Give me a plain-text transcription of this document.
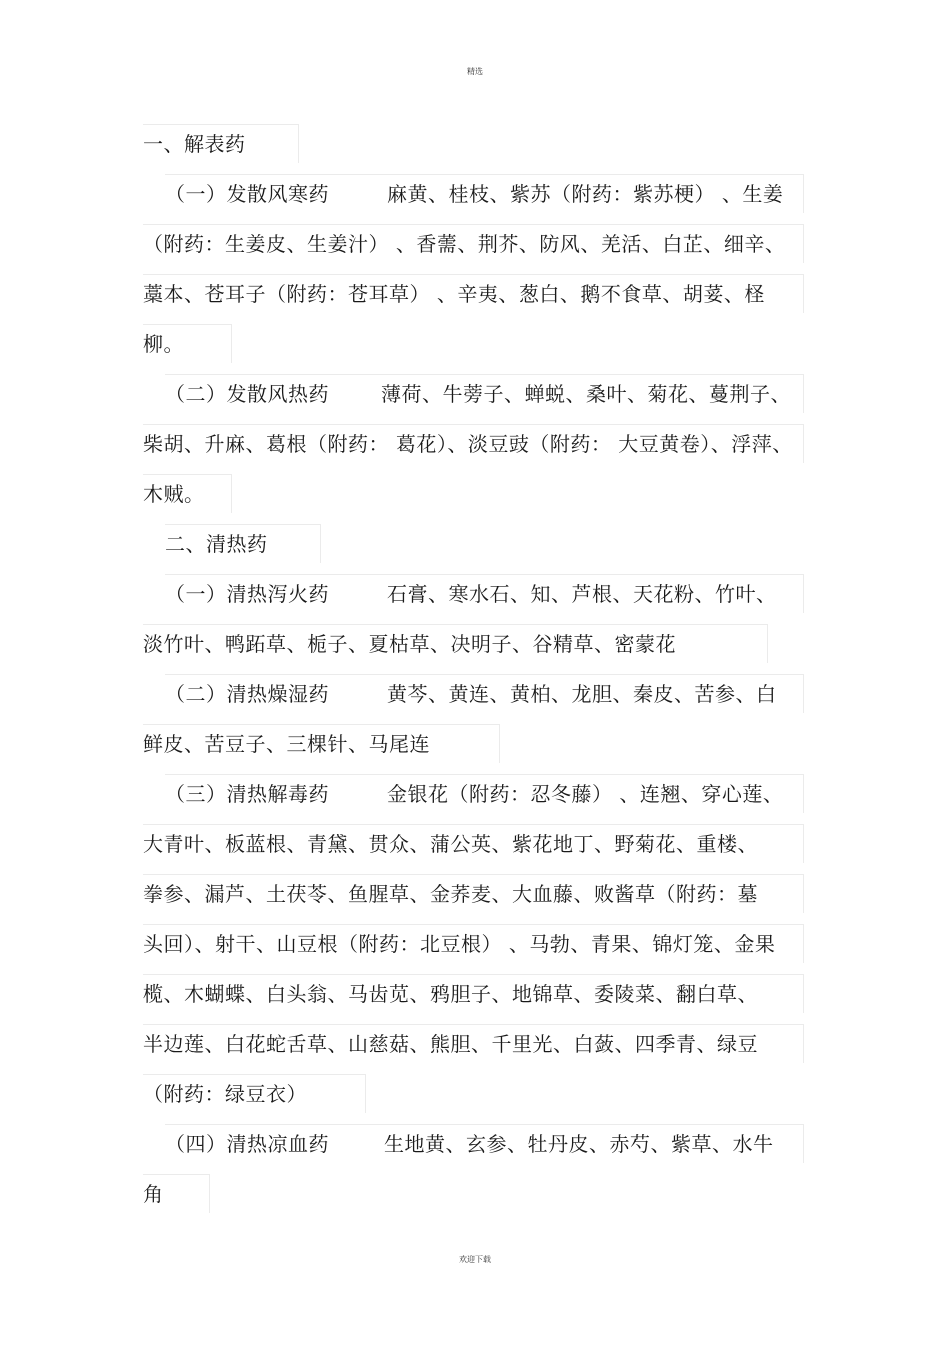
精选
一、解表药
（一）发散风寒药	麻黄、桂枝、紫苏（附药：紫苏梗） 、生姜
（附药：生姜皮、生姜汁） 、香薷、荆芥、防风、羌活、白芷、细辛、
藁本、苍耳子（附药：苍耳草） 、辛夷、葱白、鹅不食草、胡荽、柽
柳。
（二）发散风热药	薄荷、牛蒡子、蝉蜕、桑叶、菊花、蔓荆子、
柴胡、升麻、葛根（附药： 葛花）、淡豆豉（附药： 大豆黄卷）、浮萍、
木贼。
二、清热药
（一）清热泻火药	石膏、寒水石、知、芦根、天花粉、竹叶、
淡竹叶、鸭跖草、栀子、夏枯草、决明子、谷精草、密蒙花
（二）清热燥湿药	黄芩、黄连、黄柏、龙胆、秦皮、苦参、白
鲜皮、苦豆子、三棵针、马尾连
（三）清热解毒药	金银花（附药：忍冬藤） 、连翘、穿心莲、
大青叶、板蓝根、青黛、贯众、蒲公英、紫花地丁、野菊花、重楼、
拳参、漏芦、土茯苓、鱼腥草、金荞麦、大血藤、败酱草（附药：墓
头回）、射干、山豆根（附药：北豆根） 、马勃、青果、锦灯笼、金果
榄、木蝴蝶、白头翁、马齿苋、鸦胆子、地锦草、委陵菜、翻白草、
半边莲、白花蛇舌草、山慈菇、熊胆、千里光、白蔹、四季青、绿豆
（附药：绿豆衣）
（四）清热凉血药	生地黄、玄参、牡丹皮、赤芍、紫草、水牛
角
欢迎下载
